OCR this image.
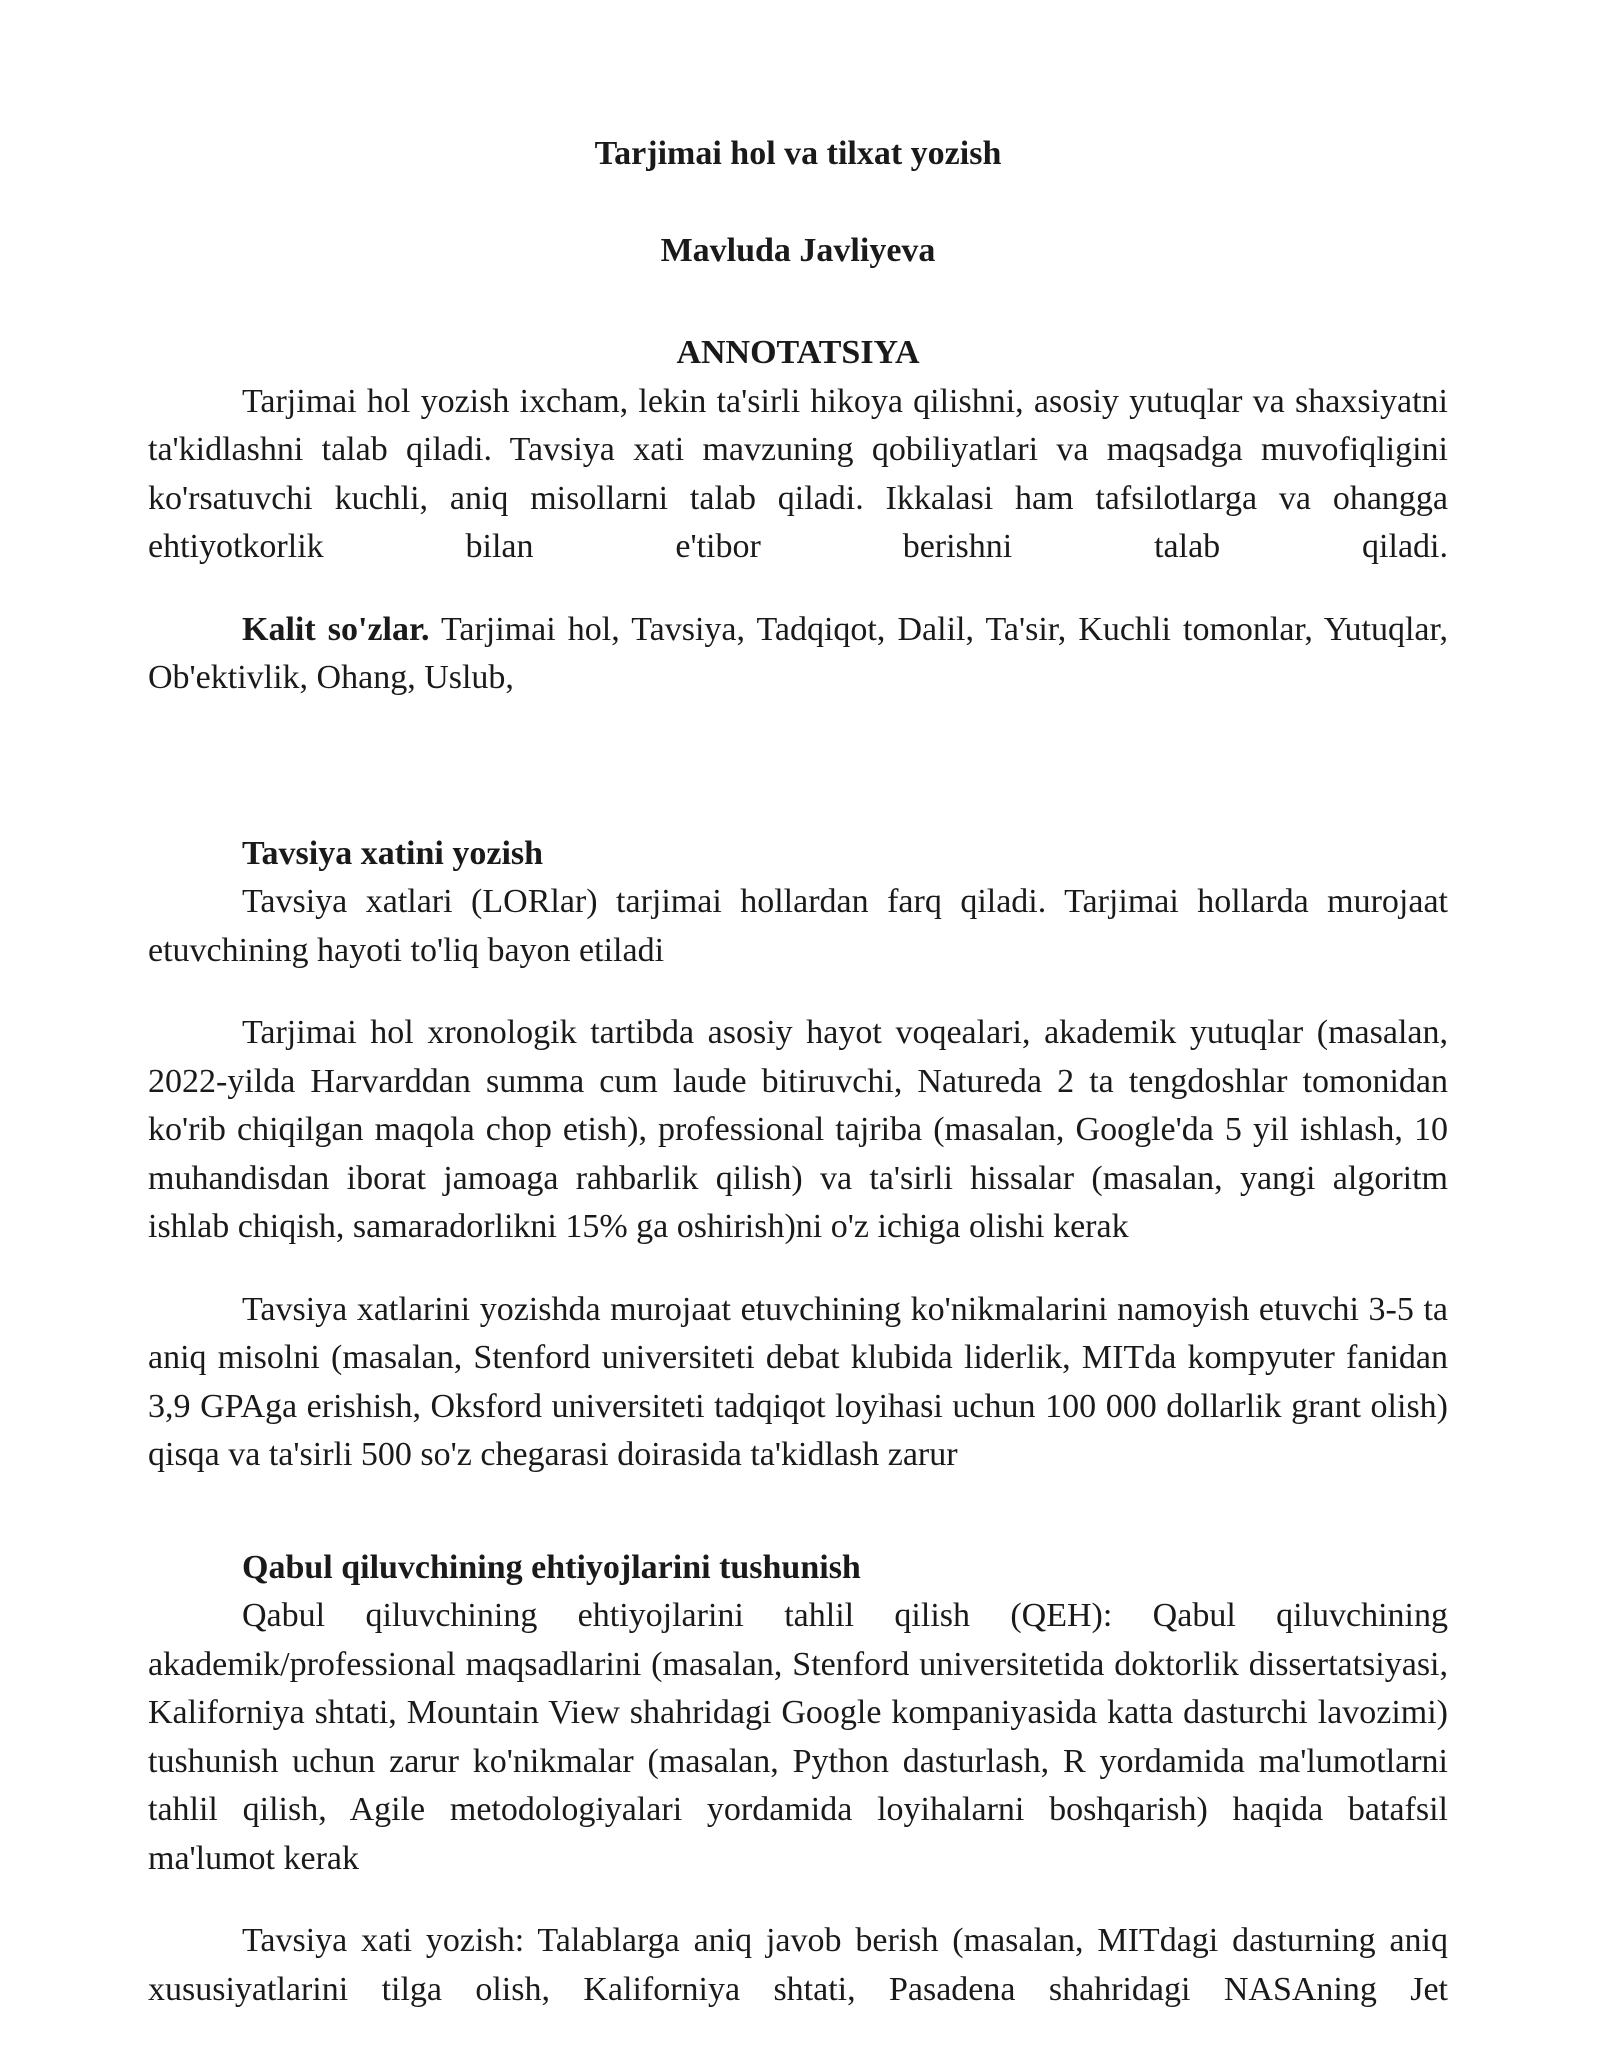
Tarjimai hol va tilxat yozish
Mavluda Javliyeva
ANNOTATSIYA

Tarjimai hol yozish ixcham, lekin ta'sirli hikoya qilishni, asosiy yutuqlar va shaxsiyatni ta'kidlashni talab qiladi. Tavsiya xati mavzuning qobiliyatlari va maqsadga muvofiqligini ko'rsatuvchi kuchli, aniq misollarni talab qiladi. Ikkalasi ham tafsilotlarga va ohangga ehtiyotkorlik bilan e'tibor berishni talab qiladi.

Kalit so'zlar. Tarjimai hol, Tavsiya, Tadqiqot, Dalil, Ta'sir, Kuchli tomonlar, Yutuqlar, Ob'ektivlik, Ohang, Uslub,

Tavsiya xatini yozish

Tavsiya xatlari (LORlar) tarjimai hollardan farq qiladi. Tarjimai hollarda murojaat etuvchining hayoti to'liq bayon etiladi

Tarjimai hol xronologik tartibda asosiy hayot voqealari, akademik yutuqlar (masalan, 2022-yilda Harvarddan summa cum laude bitiruvchi, Natureda 2 ta tengdoshlar tomonidan ko'rib chiqilgan maqola chop etish), professional tajriba (masalan, Google'da 5 yil ishlash, 10 muhandisdan iborat jamoaga rahbarlik qilish) va ta'sirli hissalar (masalan, yangi algoritm ishlab chiqish, samaradorlikni 15% ga oshirish)ni o'z ichiga olishi kerak

Tavsiya xatlarini yozishda murojaat etuvchining ko'nikmalarini namoyish etuvchi 3-5 ta aniq misolni (masalan, Stenford universiteti debat klubida liderlik, MITda kompyuter fanidan 3,9 GPAga erishish, Oksford universiteti tadqiqot loyihasi uchun 100 000 dollarlik grant olish) qisqa va ta'sirli 500 so'z chegarasi doirasida ta'kidlash zarur

Qabul qiluvchining ehtiyojlarini tushunish

Qabul qiluvchining ehtiyojlarini tahlil qilish (QEH): Qabul qiluvchining akademik/professional maqsadlarini (masalan, Stenford universitetida doktorlik dissertatsiyasi, Kaliforniya shtati, Mountain View shahridagi Google kompaniyasida katta dasturchi lavozimi) tushunish uchun zarur ko'nikmalar (masalan, Python dasturlash, R yordamida ma'lumotlarni tahlil qilish, Agile metodologiyalari yordamida loyihalarni boshqarish) haqida batafsil ma'lumot kerak

Tavsiya xati yozish: Talablarga aniq javob berish (masalan, MITdagi dasturning aniq xususiyatlarini tilga olish, Kaliforniya shtati, Pasadena shahridagi NASAning Jet
